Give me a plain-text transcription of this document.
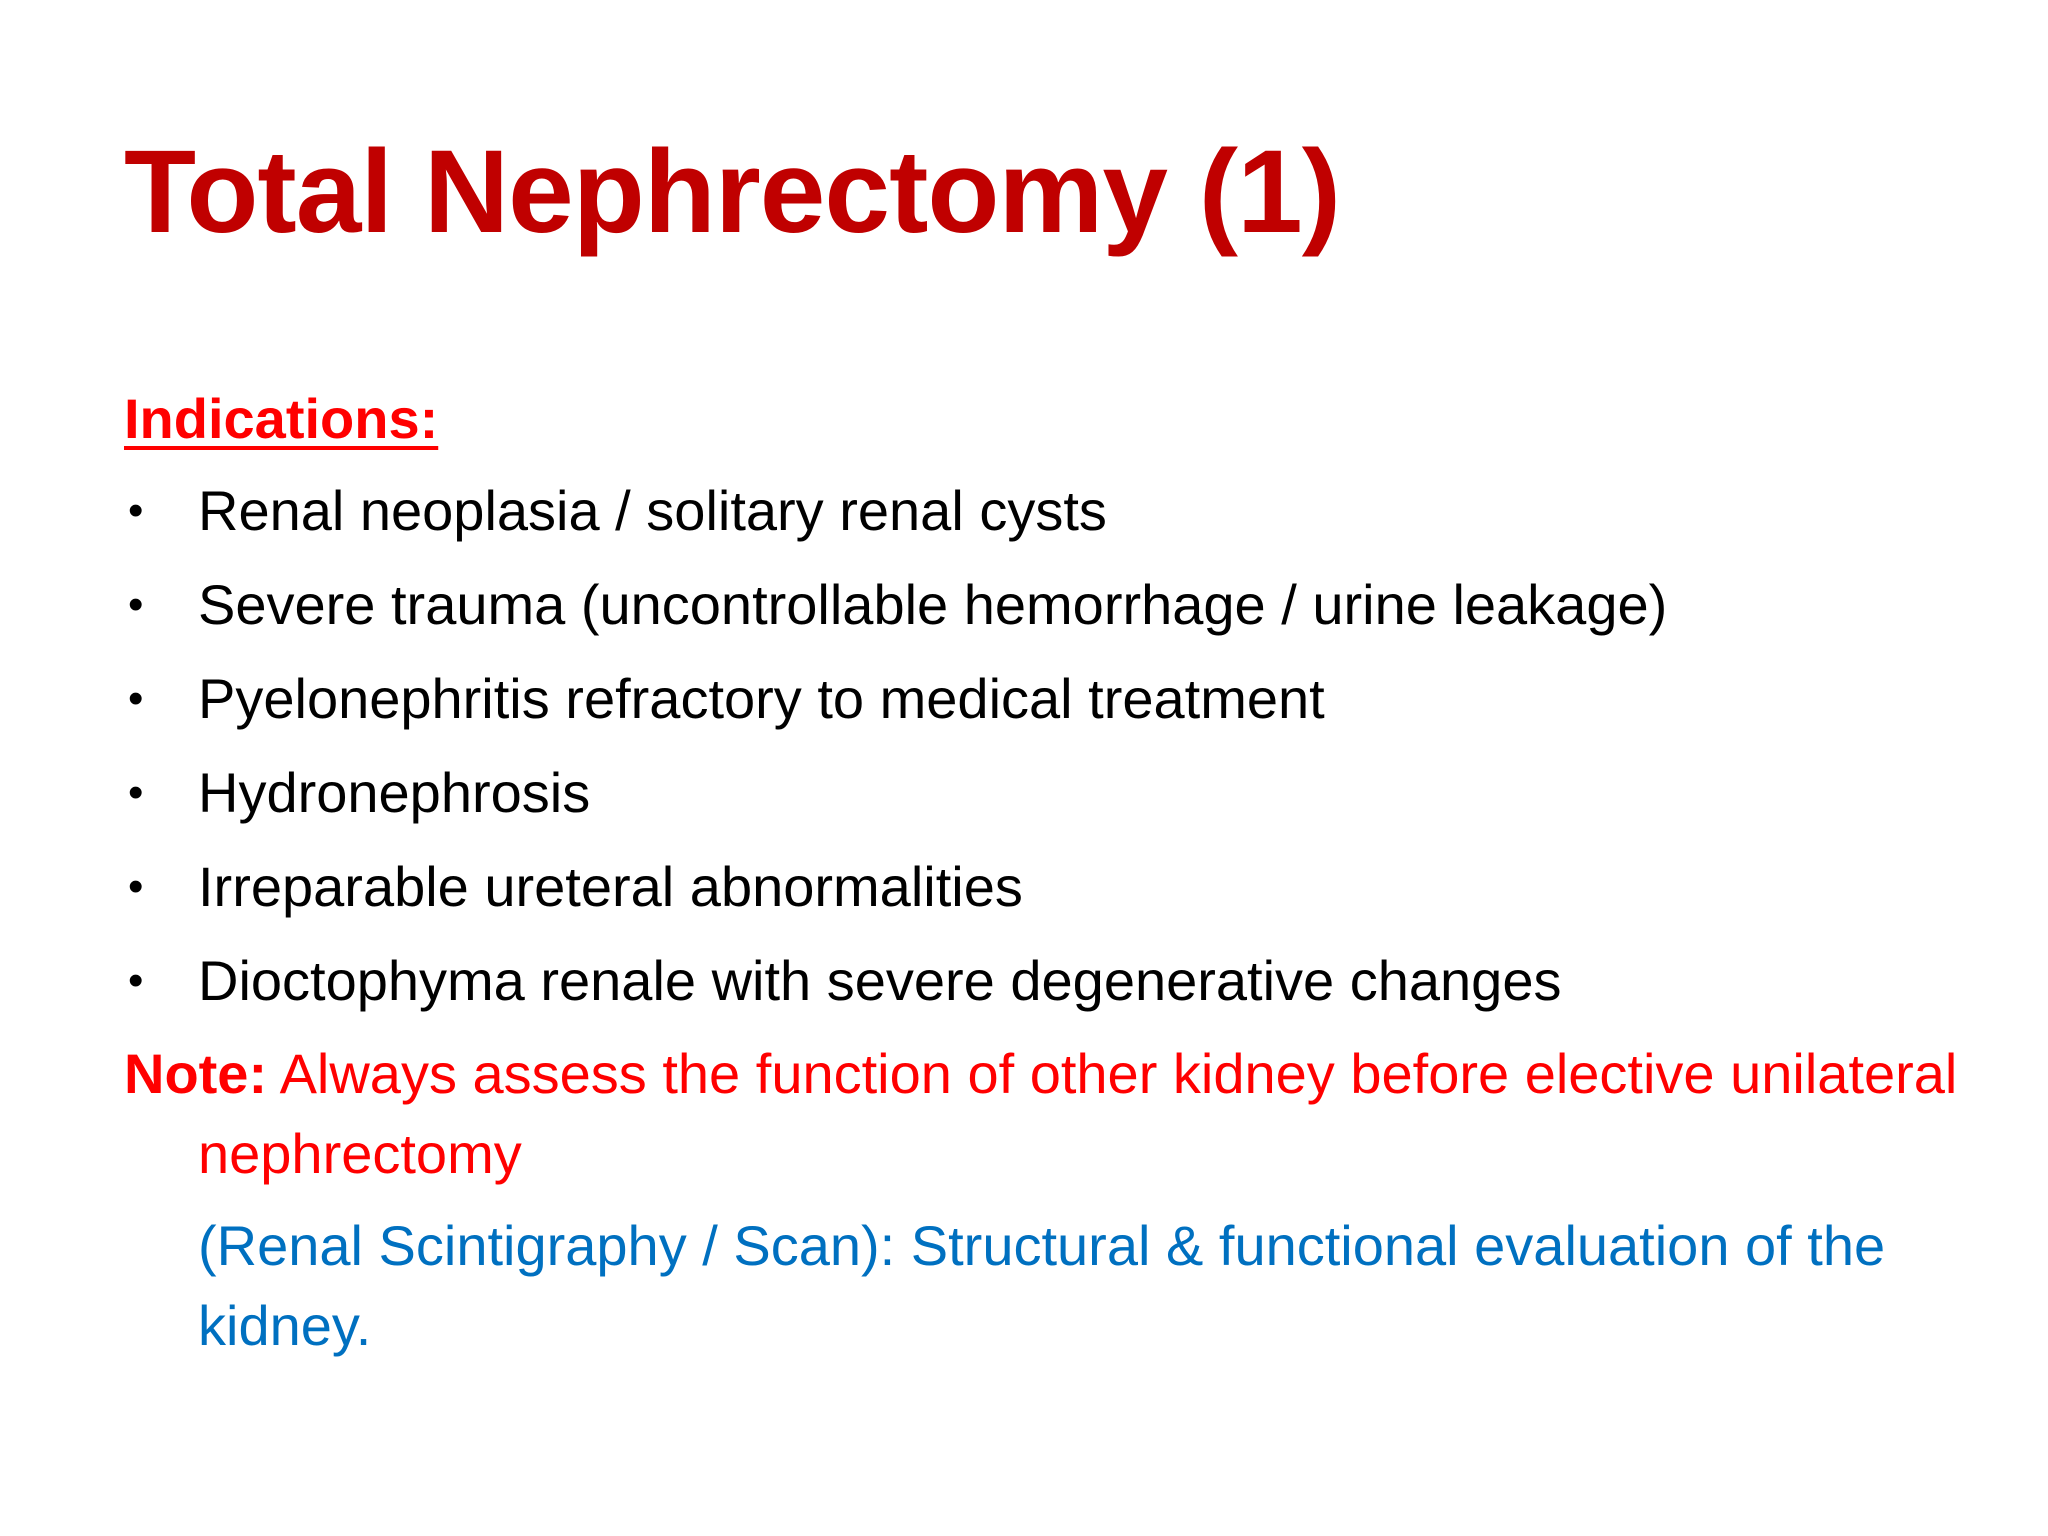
Total Nephrectomy (1)
Indications:
• Renal neoplasia / solitary renal cysts
• Severe trauma (uncontrollable hemorrhage / urine leakage)
• Pyelonephritis refractory to medical treatment
• Hydronephrosis
• Irreparable ureteral abnormalities
• Dioctophyma renale with severe degenerative changes
Note: Always assess the function of other kidney before elective unilateral nephrectomy
(Renal Scintigraphy / Scan): Structural & functional evaluation of the kidney.
